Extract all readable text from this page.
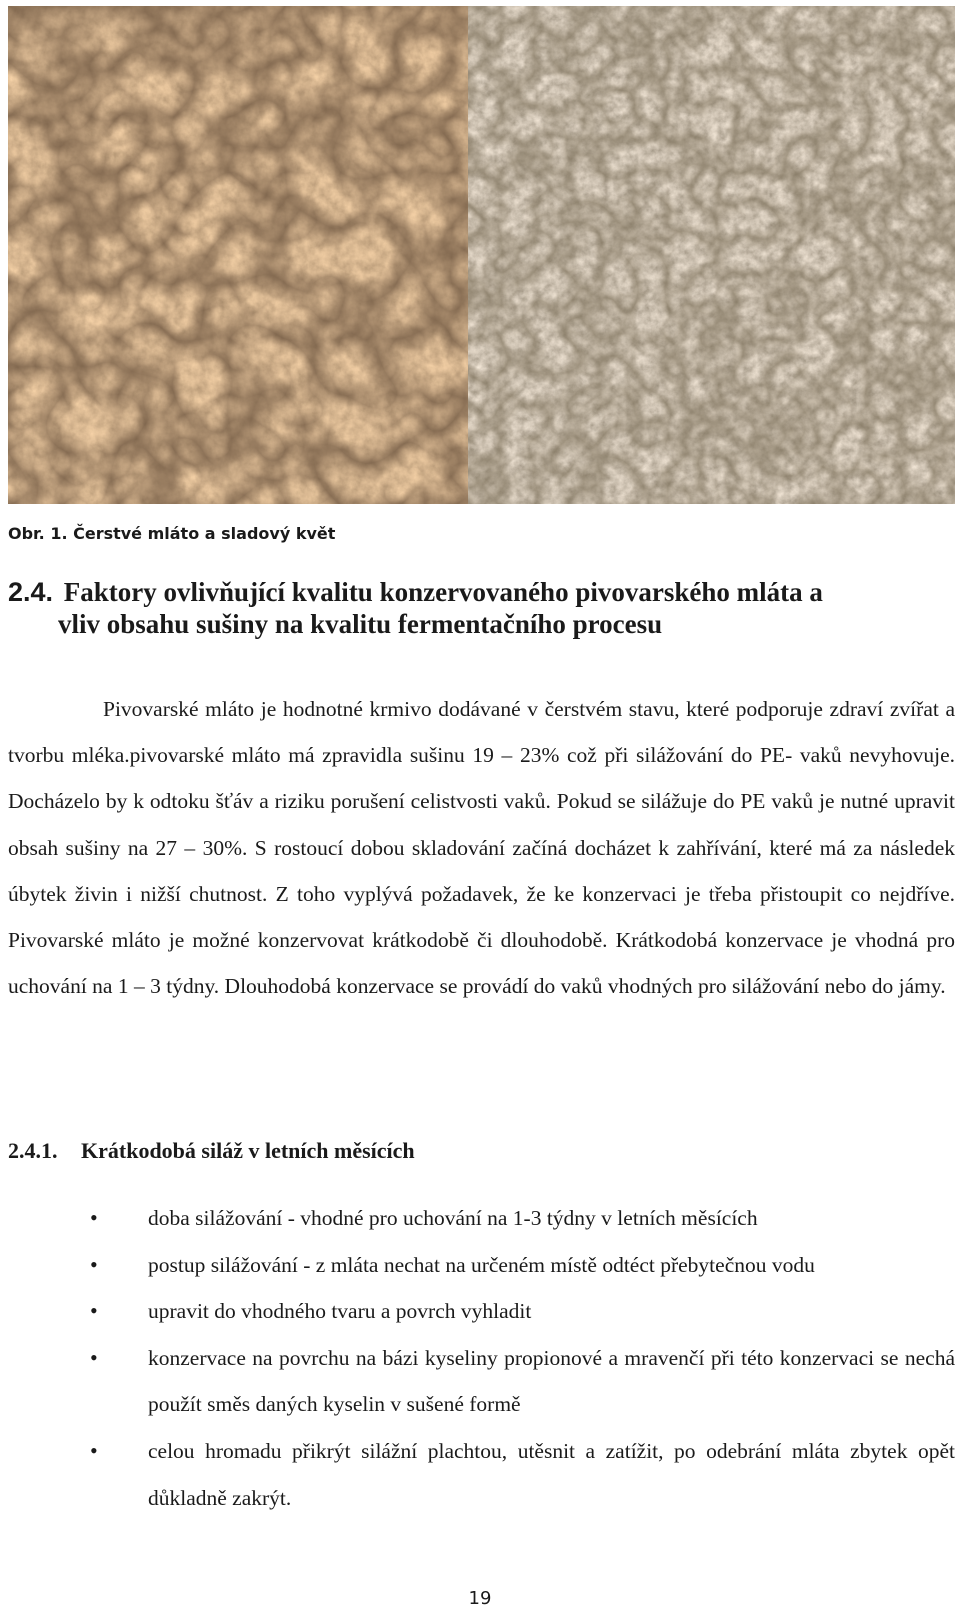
Obr. 1. Čerstvé mláto a sladový květ
2.4. Faktory ovlivňující kvalitu konzervovaného pivovarského mláta a
vliv obsahu sušiny na kvalitu fermentačního procesu

Pivovarské mláto je hodnotné krmivo dodávané v čerstvém stavu, které podporuje zdraví zvířat a tvorbu mléka.pivovarské mláto má zpravidla sušinu 19 – 23% což při silážování do PE- vaků nevyhovuje. Docházelo by k odtoku šťáv a riziku porušení celistvosti vaků. Pokud se silážuje do PE vaků je nutné upravit obsah sušiny na 27 – 30%. S rostoucí dobou skladování začíná docházet k zahřívání, které má za následek úbytek živin i nižší chutnost. Z toho vyplývá požadavek, že ke konzervaci je třeba přistoupit co nejdříve. Pivovarské mláto je možné konzervovat krátkodobě či dlouhodobě. Krátkodobá konzervace je vhodná pro uchování na 1 – 3 týdny. Dlouhodobá konzervace se provádí do vaků vhodných pro silážování nebo do jámy.

2.4.1. Krátkodobá siláž v letních měsících
• doba silážování - vhodné pro uchování na 1-3 týdny v letních měsících
• postup silážování - z mláta nechat na určeném místě odtéct přebytečnou vodu
• upravit do vhodného tvaru a povrch vyhladit
• konzervace na povrchu na bázi kyseliny propionové a mravenčí při této konzervaci se nechá použít směs daných kyselin v sušené formě
• celou hromadu přikrýt silážní plachtou, utěsnit a zatížit, po odebrání mláta zbytek opět důkladně zakrýt.
19
